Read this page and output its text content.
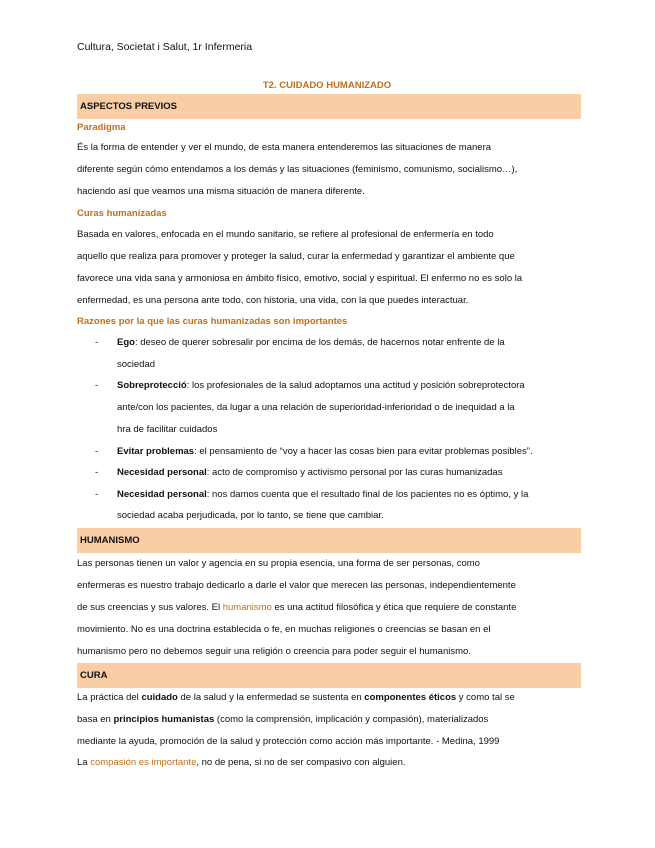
Cultura, Societat i Salut, 1r Infermeria
T2. CUIDADO HUMANIZADO
ASPECTOS PREVIOS
Paradigma
És la forma de entender y ver el mundo, de esta manera entenderemos las situaciones de manera
diferente según cómo entendamos a los demás y las situaciones (feminismo, comunismo, socialismo…),
haciendo así que veamos una misma situación de manera diferente.
Curas humanizadas
Basada en valores, enfocada en el mundo sanitario, se refiere al profesional de enfermería en todo
aquello que realiza para promover y proteger la salud, curar la enfermedad y garantizar el ambiente que
favorece una vida sana y armoniosa en ámbito físico, emotivo, social y espiritual. El enfermo no es solo la
enfermedad, es una persona ante todo, con historia, una vida, con la que puedes interactuar.
Razones por la que las curas humanizadas son importantes
- Ego: deseo de querer sobresalir por encima de los demás, de hacernos notar enfrente de la
sociedad
- Sobreprotecció: los profesionales de la salud adoptamos una actitud y posición sobreprotectora
ante/con los pacientes, da lugar a una relación de superioridad-inferioridad o de inequidad a la
hra de facilitar cuidados
- Evitar problemas: el pensamiento de “voy a hacer las cosas bien para evitar problemas posibles”.
- Necesidad personal: acto de compromiso y activismo personal por las curas humanizadas
- Necesidad personal: nos damos cuenta que el resultado final de los pacientes no es óptimo, y la
sociedad acaba perjudicada, por lo tanto, se tiene que cambiar.
HUMANISMO
Las personas tienen un valor y agencia en su propia esencia, una forma de ser personas, como
enfermeras es nuestro trabajo dedicarlo a darle el valor que merecen las personas, independientemente
de sus creencias y sus valores. El humanismo es una actitud filosófica y ética que requiere de constante
movimiento. No es una doctrina establecida o fe, en muchas religiones o creencias se basan en el
humanismo pero no debemos seguir una religión o creencia para poder seguir el humanismo.
CURA
La práctica del cuidado de la salud y la enfermedad se sustenta en componentes éticos y como tal se
basa en principios humanistas (como la comprensión, implicación y compasión), materializados
mediante la ayuda, promoción de la salud y protección como acción más importante. - Medina, 1999
La compasión es importante, no de pena, si no de ser compasivo con alguien.
